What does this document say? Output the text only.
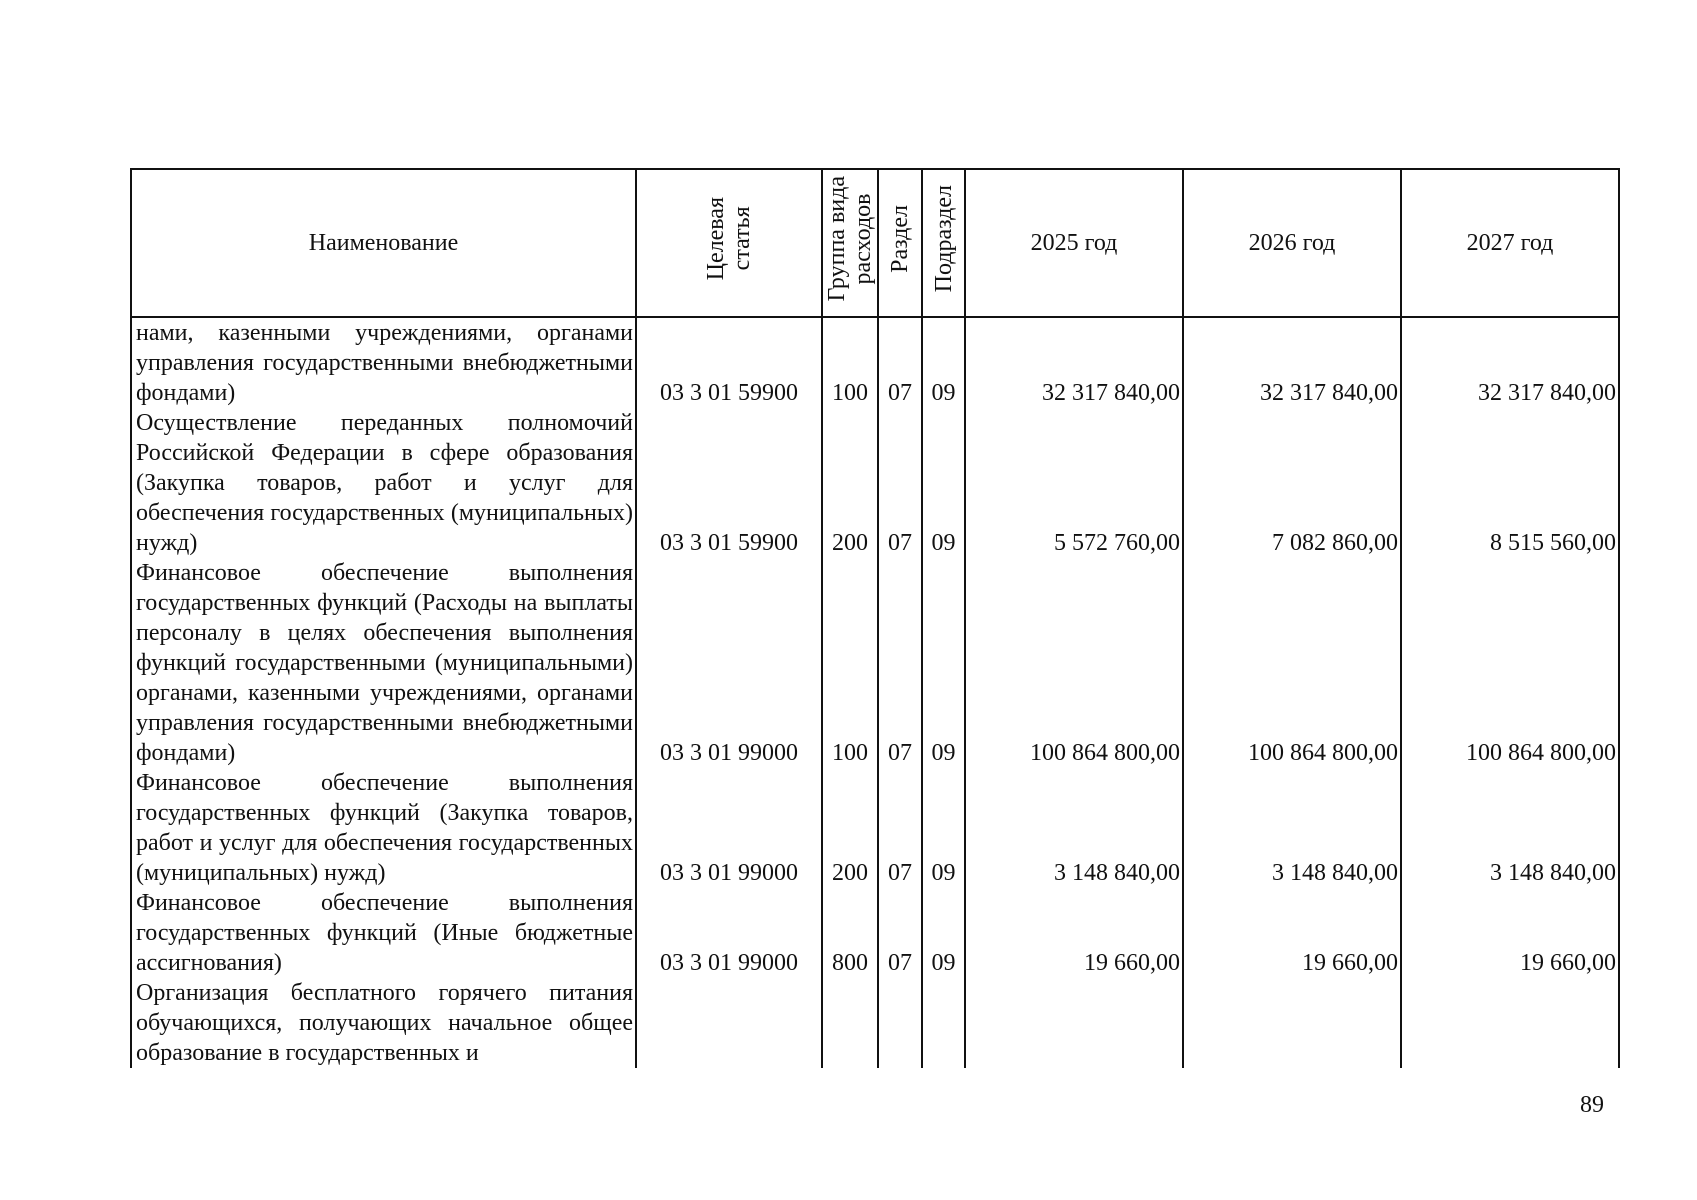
Наименование	Целевая статья	Группа вида расходов	Раздел	Подраздел	2025 год	2026 год	2027 год
нами, казенными учреждениями, органами управления государственными внебюджетными фондами)	03 3 01 59900	100	07	09	32 317 840,00	32 317 840,00	32 317 840,00
Осуществление переданных полномочий Российской Федерации в сфере образования (Закупка товаров, работ и услуг для обеспечения государственных (муниципальных) нужд)	03 3 01 59900	200	07	09	5 572 760,00	7 082 860,00	8 515 560,00
Финансовое обеспечение выполнения государственных функций (Расходы на выплаты персоналу в целях обеспечения выполнения функций государственными (муниципальными) органами, казенными учреждениями, органами управления государственными внебюджетными фондами)	03 3 01 99000	100	07	09	100 864 800,00	100 864 800,00	100 864 800,00
Финансовое обеспечение выполнения государственных функций (Закупка товаров, работ и услуг для обеспечения государственных (муниципальных) нужд)	03 3 01 99000	200	07	09	3 148 840,00	3 148 840,00	3 148 840,00
Финансовое обеспечение выполнения государственных функций (Иные бюджетные ассигнования)	03 3 01 99000	800	07	09	19 660,00	19 660,00	19 660,00
Организация бесплатного горячего питания обучающихся, получающих начальное общее образование в государственных и							
89
